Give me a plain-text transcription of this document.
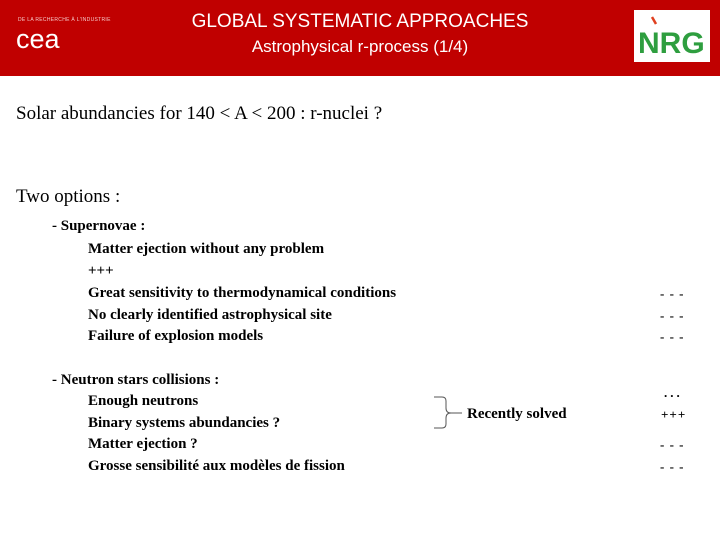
DE LA RECHERCHE À L'INDUSTRIE
cea
GLOBAL SYSTEMATIC APPROACHES
Astrophysical r-process (1/4)	NRG
Solar abundancies for 140 < A < 200 : r-nuclei ?
Two options :
- Supernovae :
Matter ejection without any problem
+++
Great sensitivity to thermodynamical conditions
No clearly identified astrophysical site
Failure of explosion models
- - -
- - -
- - -
- Neutron stars collisions :
Enough neutrons
Binary systems abundancies ?
Matter ejection ?
Grosse sensibilité aux modèles de fission
Recently solved
...
+++
- - -
- - -
